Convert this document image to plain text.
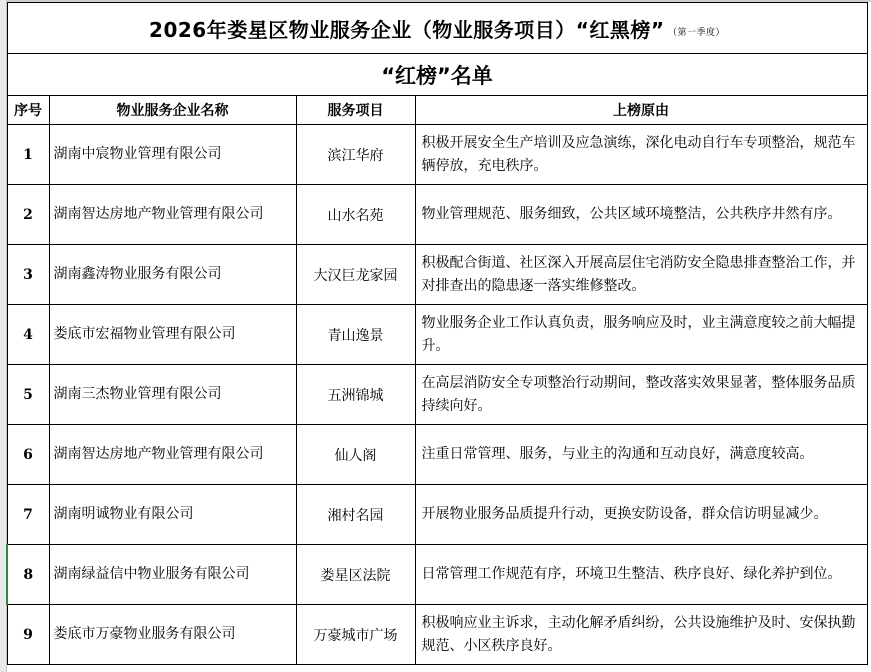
2026年娄星区物业服务企业（物业服务项目）“红黑榜” （第一季度）			
“红榜”名单			
序号	物业服务企业名称	服务项目	上榜原由
1	湖南中宸物业管理有限公司	滨江华府	积极开展安全生产培训及应急演练，深化电动自行车专项整治，规范车辆停放，充电秩序。
2	湖南智达房地产物业管理有限公司	山水名苑	物业管理规范、服务细致，公共区域环境整洁，公共秩序井然有序。
3	湖南鑫涛物业服务有限公司	大汉巨龙家园	积极配合街道、社区深入开展高层住宅消防安全隐患排查整治工作，并对排查出的隐患逐一落实维修整改。
4	娄底市宏福物业管理有限公司	青山逸景	物业服务企业工作认真负责，服务响应及时，业主满意度较之前大幅提升。
5	湖南三杰物业管理有限公司	五洲锦城	在高层消防安全专项整治行动期间，整改落实效果显著，整体服务品质持续向好。
6	湖南智达房地产物业管理有限公司	仙人阁	注重日常管理、服务，与业主的沟通和互动良好，满意度较高。
7	湖南明诚物业有限公司	湘村名园	开展物业服务品质提升行动，更换安防设备，群众信访明显减少。
8	湖南绿益信中物业服务有限公司	娄星区法院	日常管理工作规范有序，环境卫生整洁、秩序良好、绿化养护到位。
9	娄底市万豪物业服务有限公司	万豪城市广场	积极响应业主诉求，主动化解矛盾纠纷，公共设施维护及时、安保执勤规范、小区秩序良好。
